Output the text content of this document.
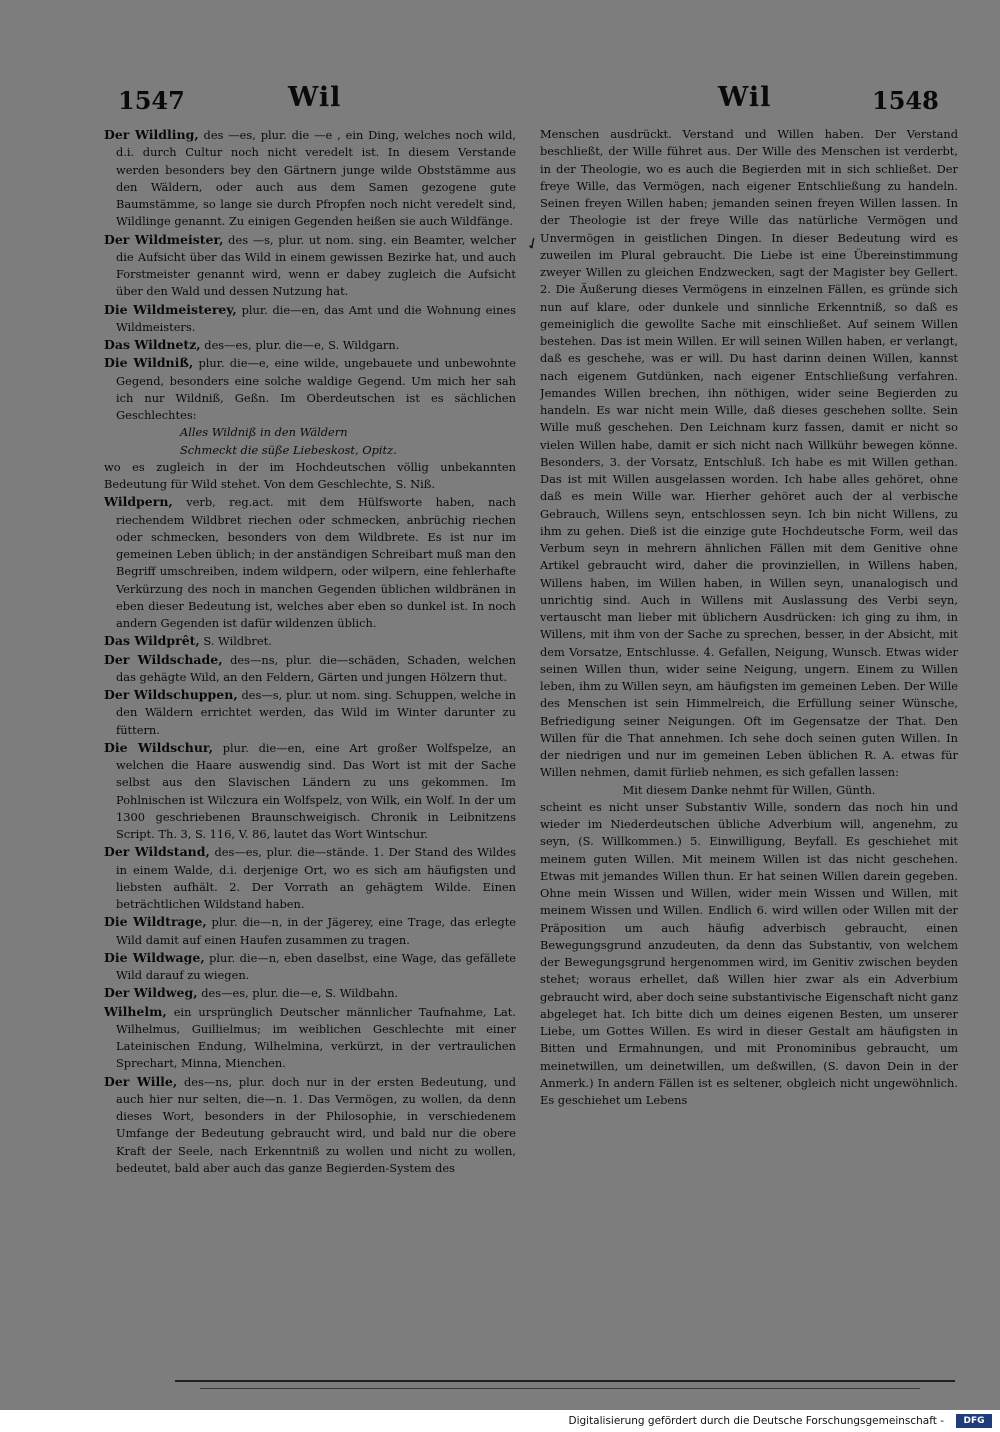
1547	Wil	Wil	1548

Der Wildling, des —es, plur. die —e , ein Ding, welches noch wild, d.i. durch Cultur noch nicht veredelt ist. In diesem Verstande werden besonders bey den Gärtnern junge wilde Obststämme aus den Wäldern, oder auch aus dem Samen gezogene gute Baumstämme, so lange sie durch Pfropfen noch nicht veredelt sind, Wildlinge genannt. Zu einigen Gegenden heißen sie auch Wildfänge.

Der Wildmeister, des —s, plur. ut nom. sing. ein Beamter, welcher die Aufsicht über das Wild in einem gewissen Bezirke hat, und auch Forstmeister genannt wird, wenn er dabey zugleich die Aufsicht über den Wald und dessen Nutzung hat.

Die Wildmeisterey, plur. die—en, das Amt und die Wohnung eines Wildmeisters.

Das Wildnetz, des—es, plur. die—e, S. Wildgarn.

Die Wildniß, plur. die—e, eine wilde, ungebauete und unbewohnte Gegend, besonders eine solche waldige Gegend. Um mich her sah ich nur Wildniß, Geßn. Im Oberdeutschen ist es sächlichen Geschlechtes:

Alles Wildniß in den Wäldern

Schmeckt die süße Liebeskost, Opitz.

wo es zugleich in der im Hochdeutschen völlig unbekannten Bedeutung für Wild stehet. Von dem Geschlechte, S. Niß.

Wildpern, verb, reg.act. mit dem Hülfsworte haben, nach riechendem Wildbret riechen oder schmecken, anbrüchig riechen oder schmecken, besonders von dem Wildbrete. Es ist nur im gemeinen Leben üblich; in der anständigen Schreibart muß man den Begriff umschreiben, indem wildpern, oder wilpern, eine fehlerhafte Verkürzung des noch in manchen Gegenden üblichen wildbränen in eben dieser Bedeutung ist, welches aber eben so dunkel ist. In noch andern Gegenden ist dafür wildenzen üblich.

Das Wildprêt, S. Wildbret.

Der Wildschade, des—ns, plur. die—schäden, Schaden, welchen das gehägte Wild, an den Feldern, Gärten und jungen Hölzern thut.

Der Wildschuppen, des—s, plur. ut nom. sing. Schuppen, welche in den Wäldern errichtet werden, das Wild im Winter darunter zu füttern.

Die Wildschur, plur. die—en, eine Art großer Wolfspelze, an welchen die Haare auswendig sind. Das Wort ist mit der Sache selbst aus den Slavischen Ländern zu uns gekommen. Im Pohlnischen ist Wilczura ein Wolfspelz, von Wilk, ein Wolf. In der um 1300 geschriebenen Braunschweigisch. Chronik in Leibnitzens Script. Th. 3, S. 116, V. 86, lautet das Wort Wintschur.

Der Wildstand, des—es, plur. die—stände. 1. Der Stand des Wildes in einem Walde, d.i. derjenige Ort, wo es sich am häufigsten und liebsten aufhält. 2. Der Vorrath an gehägtem Wilde. Einen beträchtlichen Wildstand haben.

Die Wildtrage, plur. die—n, in der Jägerey, eine Trage, das erlegte Wild damit auf einen Haufen zusammen zu tragen.

Die Wildwage, plur. die—n, eben daselbst, eine Wage, das gefällete Wild darauf zu wiegen.

Der Wildweg, des—es, plur. die—e, S. Wildbahn.

Wilhelm, ein ursprünglich Deutscher männlicher Taufnahme, Lat. Wilhelmus, Guillielmus; im weiblichen Geschlechte mit einer Lateinischen Endung, Wilhelmina, verkürzt, in der vertraulichen Sprechart, Minna, Mienchen.

Der Wille, des—ns, plur. doch nur in der ersten Bedeutung, und auch hier nur selten, die—n. 1. Das Vermögen, zu wollen, da denn dieses Wort, besonders in der Philosophie, in verschiedenem Umfange der Bedeutung gebraucht wird, und bald nur die obere Kraft der Seele, nach Erkenntniß zu wollen und nicht zu wollen, bedeutet, bald aber auch das ganze Begierden-System des

✓

Menschen ausdrückt. Verstand und Willen haben. Der Verstand beschließt, der Wille führet aus. Der Wille des Menschen ist verderbt, in der Theologie, wo es auch die Begierden mit in sich schließet. Der freye Wille, das Vermögen, nach eigener Entschließung zu handeln. Seinen freyen Willen haben; jemanden seinen freyen Willen lassen. In der Theologie ist der freye Wille das natürliche Vermögen und Unvermögen in geistlichen Dingen. In dieser Bedeutung wird es zuweilen im Plural gebraucht. Die Liebe ist eine Übereinstimmung zweyer Willen zu gleichen Endzwecken, sagt der Magister bey Gellert. 2. Die Äußerung dieses Vermögens in einzelnen Fällen, es gründe sich nun auf klare, oder dunkele und sinnliche Erkenntniß, so daß es gemeiniglich die gewollte Sache mit einschließet. Auf seinem Willen bestehen. Das ist mein Willen. Er will seinen Willen haben, er verlangt, daß es geschehe, was er will. Du hast darinn deinen Willen, kannst nach eigenem Gutdünken, nach eigener Entschließung verfahren. Jemandes Willen brechen, ihn nöthigen, wider seine Begierden zu handeln. Es war nicht mein Wille, daß dieses geschehen sollte. Sein Wille muß geschehen. Den Leichnam kurz fassen, damit er nicht so vielen Willen habe, damit er sich nicht nach Willkühr bewegen könne. Besonders, 3. der Vorsatz, Entschluß. Ich habe es mit Willen gethan. Das ist mit Willen ausgelassen worden. Ich habe alles gehöret, ohne daß es mein Wille war. Hierher gehöret auch der al verbische Gebrauch, Willens seyn, entschlossen seyn. Ich bin nicht Willens, zu ihm zu gehen. Dieß ist die einzige gute Hochdeutsche Form, weil das Verbum seyn in mehrern ähnlichen Fällen mit dem Genitive ohne Artikel gebraucht wird, daher die provinziellen, in Willens haben, Willens haben, im Willen haben, in Willen seyn, unanalogisch und unrichtig sind. Auch in Willens mit Auslassung des Verbi seyn, vertauscht man lieber mit üblichern Ausdrücken: ich ging zu ihm, in Willens, mit ihm von der Sache zu sprechen, besser, in der Absicht, mit dem Vorsatze, Entschlusse. 4. Gefallen, Neigung, Wunsch. Etwas wider seinen Willen thun, wider seine Neigung, ungern. Einem zu Willen leben, ihm zu Willen seyn, am häufigsten im gemeinen Leben. Der Wille des Menschen ist sein Himmelreich, die Erfüllung seiner Wünsche, Befriedigung seiner Neigungen. Oft im Gegensatze der That. Den Willen für die That annehmen. Ich sehe doch seinen guten Willen. In der niedrigen und nur im gemeinen Leben üblichen R. A. etwas für Willen nehmen, damit fürlieb nehmen, es sich gefallen lassen:

Mit diesem Danke nehmt für Willen, Günth.

scheint es nicht unser Substantiv Wille, sondern das noch hin und wieder im Niederdeutschen übliche Adverbium will, angenehm, zu seyn, (S. Willkommen.) 5. Einwilligung, Beyfall. Es geschiehet mit meinem guten Willen. Mit meinem Willen ist das nicht geschehen. Etwas mit jemandes Willen thun. Er hat seinen Willen darein gegeben. Ohne mein Wissen und Willen, wider mein Wissen und Willen, mit meinem Wissen und Willen. Endlich 6. wird willen oder Willen mit der Präposition um auch häufig adverbisch gebraucht, einen Bewegungsgrund anzudeuten, da denn das Substantiv, von welchem der Bewegungsgrund hergenommen wird, im Genitiv zwischen beyden stehet; woraus erhellet, daß Willen hier zwar als ein Adverbium gebraucht wird, aber doch seine substantivische Eigenschaft nicht ganz abgeleget hat. Ich bitte dich um deines eigenen Besten, um unserer Liebe, um Gottes Willen. Es wird in dieser Gestalt am häufigsten in Bitten und Ermahnungen, und mit Pronominibus gebraucht, um meinetwillen, um deinetwillen, um deßwillen, (S. davon Dein in der Anmerk.) In andern Fällen ist es seltener, obgleich nicht ungewöhnlich. Es geschiehet um Lebens

Digitalisierung gefördert durch die Deutsche Forschungsgemeinschaft -	DFG
